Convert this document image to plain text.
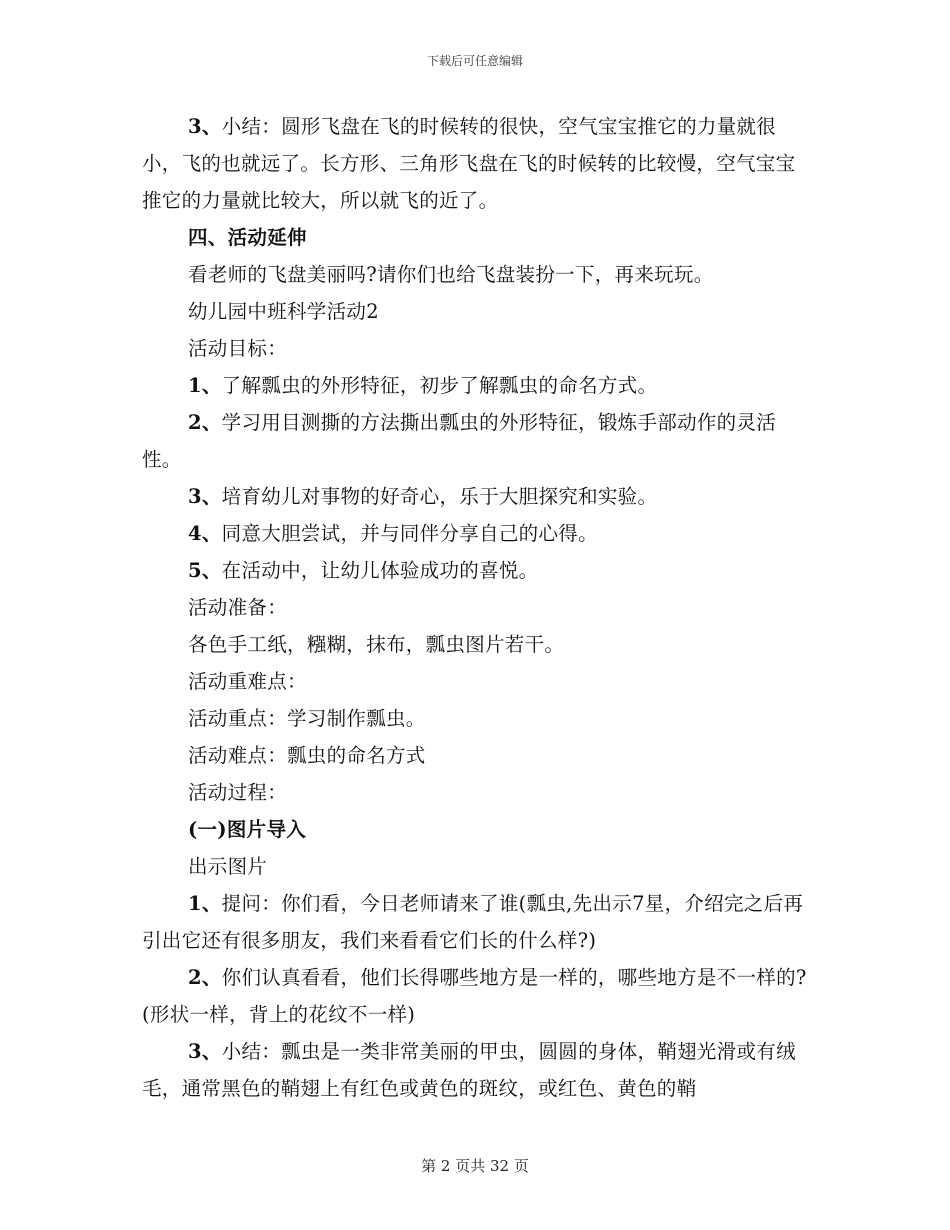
下载后可任意编辑

3、小结：圆形飞盘在飞的时候转的很快，空气宝宝推它的力量就很小，飞的也就远了。长方形、三角形飞盘在飞的时候转的比较慢，空气宝宝推它的力量就比较大，所以就飞的近了。

四、活动延伸

看老师的飞盘美丽吗?请你们也给飞盘装扮一下，再来玩玩。

幼儿园中班科学活动2

活动目标：

1、了解瓢虫的外形特征，初步了解瓢虫的命名方式。

2、学习用目测撕的方法撕出瓢虫的外形特征，锻炼手部动作的灵活性。

3、培育幼儿对事物的好奇心，乐于大胆探究和实验。

4、同意大胆尝试，并与同伴分享自己的心得。

5、在活动中，让幼儿体验成功的喜悦。

活动准备：

各色手工纸，糨糊，抹布，瓢虫图片若干。

活动重难点：

活动重点：学习制作瓢虫。

活动难点：瓢虫的命名方式

活动过程：

(一)图片导入

出示图片

1、提问：你们看，今日老师请来了谁(瓢虫,先出示7星，介绍完之后再引出它还有很多朋友，我们来看看它们长的什么样?)

2、你们认真看看，他们长得哪些地方是一样的，哪些地方是不一样的?(形状一样，背上的花纹不一样)

3、小结：瓢虫是一类非常美丽的甲虫，圆圆的身体，鞘翅光滑或有绒毛，通常黑色的鞘翅上有红色或黄色的斑纹，或红色、黄色的鞘

第 2 页共 32 页
